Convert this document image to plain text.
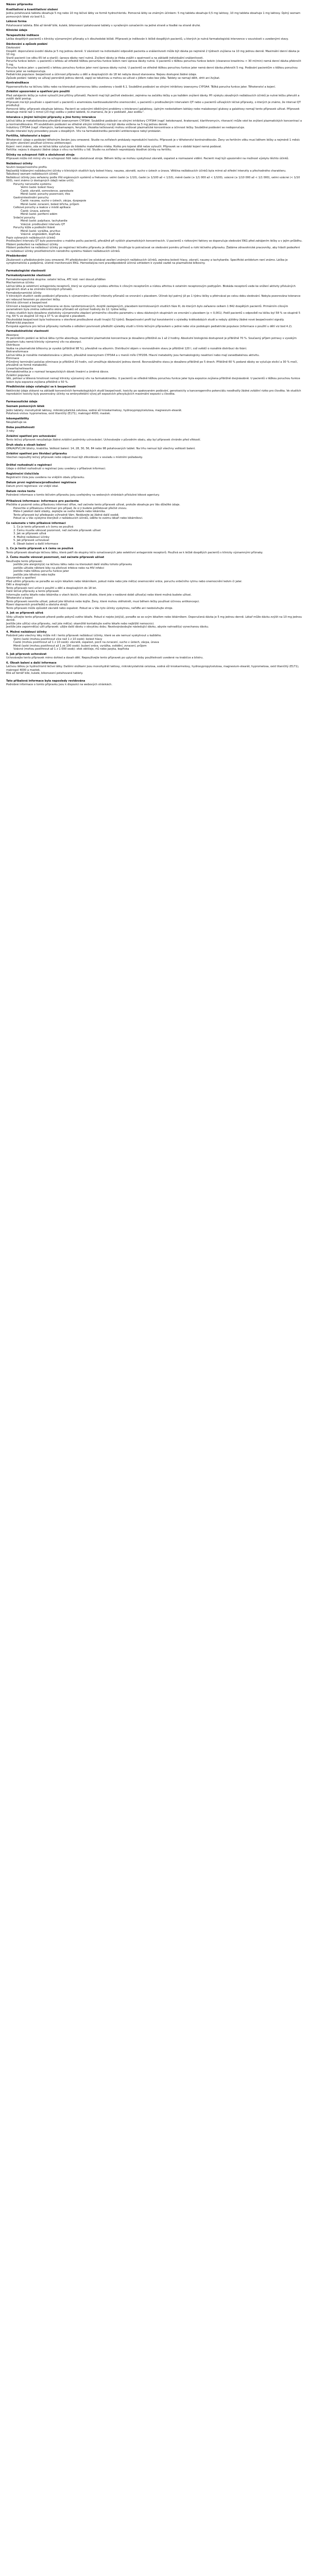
Název přípravku
Kvalitativní a kvantitativní složení
Jedna potahovaná tableta obsahuje 5 mg nebo 10 mg léčivé látky ve formě hydrochloridu. Pomocná látky se známým účinkem: 5 mg tableta obsahuje 0,5 mg laktosy, 10 mg tableta obsahuje 1 mg laktosy. Úplný seznam pomocných látek viz bod 6.1.
Léková forma
Potahovaná tableta. Bílé až téměř bílé, kulaté, bikonvexní potahované tablety s vyraženým označením na jedné straně a hladké na straně druhé.
Klinické údaje
Terapeutické indikace
Léčba dospělých pacientů s klinicky významnými příznaky a k dlouhodobé léčbě. Přípravek je indikován k léčbě dospělých pacientů, u kterých je nutná farmakologická intervence v souvislosti s uvedenými stavy.
Dávkování a způsob podání
Dávkování
Dospělí: doporučená úvodní dávka je 5 mg jednou denně. V závislosti na individuální odpovědi pacienta a snášenlivosti může být dávka po nejméně 2 týdnech zvýšena na 10 mg jednou denně. Maximální denní dávka je 10 mg.
Starší pacienti (ve věku 65 let a starší): úprava dávky není nutná. Zvýšení dávky je třeba zvážit s opatrností a na základě individuální snášenlivosti.
Porucha funkce ledvin: u pacientů s lehkou až středně těžkou poruchou funkce ledvin není úprava dávky nutná. U pacientů s těžkou poruchou funkce ledvin (clearance kreatininu < 30 ml/min) nemá denní dávka překročit 5 mg.
Porucha funkce jater: u pacientů s lehkou poruchou funkce jater není úprava dávky nutná. U pacientů se středně těžkou poruchou funkce jater nemá denní dávka překročit 5 mg. Podávání pacientům s těžkou poruchou funkce jater se nedoporučuje.
Pediatrická populace: bezpečnost a účinnost přípravku u dětí a dospívajících do 18 let nebyla dosud stanovena. Nejsou dostupné žádné údaje.
Způsob podání: tablety se užívají perorálně jednou denně, zapijí se tekutinou a mohou se užívat s jídlem nebo bez jídla. Tablety se nemají dělit, drtit ani žvýkat.
Kontraindikace
Hypersenzitivita na léčivou látku nebo na kteroukoli pomocnou látku uvedenou v bodě 6.1. Souběžné podávání se silnými inhibitory izoenzymu CYP3A4. Těžká porucha funkce jater. Těhotenství a kojení.
Zvláštní upozornění a opatření pro použití
Před zahájením léčby je nutné vyloučit jiné příčiny příznaků. Pacienti mají být pečlivě sledováni, zejména na začátku léčby a po každém zvýšení dávky. Při výskytu závažných nežádoucích účinků je nutné léčbu přerušit a zvážit další postup.
Přípravek má být používán s opatrností u pacientů s anamnézou kardiovaskulárního onemocnění, u pacientů s prodlouženým intervalem QT nebo u pacientů užívajících léčivé přípravky, o kterých je známo, že interval QT prodlužují.
Pomocné látky: přípravek obsahuje laktosu. Pacienti se vzácnými dědičnými problémy s intolerancí galaktosy, úplným nedostatkem laktázy nebo malabsorpcí glukosy a galaktosy nemají tento přípravek užívat. Přípravek obsahuje méně než 1 mmol (23 mg) sodíku v jedné tabletě, to znamená, že je v podstatě „bez sodíku“.
Interakce s jinými léčivými přípravky a jiné formy interakce
Léčivá látka je metabolizována převážně izoenzymem CYP3A4. Souběžné podávání se silnými inhibitory CYP3A4 (např. ketokonazol, itrakonazol, klarithromycin, ritonavir) může vést ke zvýšení plazmatických koncentrací a je kontraindikováno. Při souběžném podávání se středně silnými inhibitory má být dávka snížena na 5 mg jednou denně.
Induktory CYP3A4 (např. rifampicin, karbamazepin, fenytoin, třezalka tečkovaná) mohou snižovat plazmatické koncentrace a účinnost léčby. Souběžné podávání se nedoporučuje.
Studie interakcí byly provedeny pouze u dospělých. Vliv na farmakokinetiku perorální antikoncepce nebyl prokázán.
Fertilita, těhotenství a kojení
Těhotenství: údaje o podávání těhotným ženám jsou omezené. Studie na zvířatech prokázaly reprodukční toxicitu. Přípravek je v těhotenství kontraindikován. Ženy ve fertilním věku musí během léčby a nejméně 1 měsíc po jejím ukončení používat účinnou antikoncepci.
Kojení: není známo, zda se léčivá látka vylučuje do lidského mateřského mléka. Riziko pro kojené dítě nelze vyloučit. Přípravek se v období kojení nemá podávat.
Fertilita: nejsou k dispozici žádné údaje o vlivu na fertilitu u lidí. Studie na zvířatech neprokázaly škodlivé účinky na fertilitu.
Účinky na schopnost řídit a obsluhovat stroje
Přípravek může mít mírný vliv na schopnost řídit nebo obsluhovat stroje. Během léčby se mohou vyskytnout závratě, ospalost a rozmazané vidění. Pacienti mají být upozorněni na možnost výskytu těchto účinků.
Nežádoucí účinky
Souhrn bezpečnostního profilu
Nejčastěji hlášenými nežádoucími účinky v klinických studiích byly bolest hlavy, nauzea, závratě, sucho v ústech a únava. Většina nežádoucích účinků byla mírné až střední intenzity a přechodného charakteru.
Tabulkový seznam nežádoucích účinků
Nežádoucí účinky jsou seřazeny podle tříd orgánových systémů a frekvence: velmi časté (≥ 1/10), časté (≥ 1/100 až < 1/10), méně časté (≥ 1/1 000 až < 1/100), vzácné (≥ 1/10 000 až < 1/1 000), velmi vzácné (< 1/10 000), není známo (z dostupných údajů nelze určit).
Poruchy nervového systému
Velmi časté: bolest hlavy
Časté: závratě, somnolence, parestezie
Méně časté: poruchy pozornosti, třes
Gastrointestinální poruchy
Časté: nauzea, sucho v ústech, zácpa, dyspepsie
Méně časté: zvracení, bolest břicha, průjem
Celkové poruchy a reakce v místě aplikace
Časté: únava, astenie
Méně časté: periferní edém
Srdeční poruchy
Méně časté: palpitace, tachykardie
Vzácné: prodloužení intervalu QT
Poruchy kůže a podkožní tkáně
Méně časté: vyrážka, pruritus
Vzácné: angioedém, kopřivka
Popis vybraných nežádoucích účinků
Prodloužení intervalu QT bylo pozorováno u malého počtu pacientů, převážně při vyšších plazmatických koncentracích. U pacientů s rizikovými faktory se doporučuje sledování EKG před zahájením léčby a v jejím průběhu.
Hlášení podezření na nežádoucí účinky
Hlášení podezření na nežádoucí účinky po registraci léčivého přípravku je důležité. Umožňuje to pokračovat ve sledování poměru přínosů a rizik léčivého přípravku. Žádáme zdravotnické pracovníky, aby hlásili podezření na nežádoucí účinky prostřednictvím národního systému hlášení nežádoucích účinků.
Předávkování
Zkušenosti s předávkováním jsou omezené. Při předávkování lze očekávat zesílení známých nežádoucích účinků, zejména bolesti hlavy, závratí, nauzey a tachykardie. Specifické antidotum není známo. Léčba je symptomatická a podpůrná, včetně monitorování EKG. Hemodialýza není pravděpodobně účinná vzhledem k vysoké vazbě na plazmatické bílkoviny.
Farmakologické vlastnosti
Farmakodynamické vlastnosti
Farmakoterapeutická skupina: ostatní léčiva, ATC kód: není dosud přidělen
Mechanismus účinku
Léčivá látka je selektivní antagonista receptorů, který se vyznačuje vysokou afinitou k cílovým receptorům a nízkou afinitou k ostatním receptorovým podtypům. Blokáda receptorů vede ke snížení aktivity příslušných signálních drah a ke zmírnění klinických příznaků.
Farmakodynamické účinky
V klinických studiích vedlo podávání přípravku k významnému snížení intenzity příznaků ve srovnání s placebem. Účinek byl patrný již po 1 týdnu léčby a přetrvával po celou dobu sledování. Nebyla pozorována tolerance ani rebound fenomén po ukončení léčby.
Klinická účinnost a bezpečnost
Účinnost a bezpečnost byla hodnocena ve dvou randomizovaných, dvojitě zaslepených, placebem kontrolovaných studiích fáze III, do kterých bylo zařazeno celkem 1 842 dospělých pacientů. Primárním cílovým parametrem byla změna celkového skóre příznaků od výchozí hodnoty do 12. týdne léčby.
V obou studiích bylo dosaženo statisticky významného zlepšení primárního cílového parametru v obou dávkových skupinách ve srovnání s placebem (p < 0,001). Podíl pacientů s odpovědí na léčbu byl 58 % ve skupině 5 mg, 64 % ve skupině 10 mg a 37 % ve skupině s placebem.
Dlouhodobá bezpečnost byla hodnocena v otevřené prodloužené studii trvající 52 týdnů. Bezpečnostní profil byl konzistentní s výsledky krátkodobých studií a nebyly zjištěny žádné nové bezpečnostní signály.
Pediatrická populace
Evropská agentura pro léčivé přípravky rozhodla o odložení povinnosti předložit výsledky studií s tímto léčivým přípravkem u jedné nebo více podskupin pediatrické populace (informace o použití u dětí viz bod 4.2).
Farmakokinetické vlastnosti
Absorpce
Po perorálním podání se léčivá látka rychle absorbuje, maximální plazmatické koncentrace je dosaženo přibližně za 1 až 2 hodiny. Absolutní biologická dostupnost je přibližně 70 %. Současný příjem potravy s vysokým obsahem tuku nemá klinicky významný vliv na absorpci.
Distribuce
Vazba na plazmatické bílkoviny je vysoká (přibližně 98 %), převážně na albumin. Distribuční objem v rovnovážném stavu je přibližně 120 l, což svědčí o rozsáhlé distribuci do tkání.
Biotransformace
Léčivá látka je rozsáhle metabolizována v játrech, převážně izoenzymem CYP3A4 a v menší míře CYP2D6. Hlavní metabolity jsou farmakologicky neaktivní nebo mají zanedbatelnou aktivitu.
Eliminace
Průměrný terminální poločas eliminace je přibližně 20 hodin, což umožňuje dávkování jednou denně. Rovnovážného stavu je dosaženo přibližně po 5 dnech. Přibližně 60 % podané dávky se vylučuje stolicí a 30 % močí, převážně ve formě metabolitů.
Linearita/nelinearita
Farmakokinetika je v rozmezí terapeutických dávek lineární a úměrná dávce.
Zvláštní populace
Věk, pohlaví a tělesná hmotnost nemají klinicky významný vliv na farmakokinetiku. U pacientů se středně těžkou poruchou funkce jater byla expozice zvýšena přibližně dvojnásobně. U pacientů s těžkou poruchou funkce ledvin byla expozice zvýšena přibližně o 50 %.
Předklinické údaje vztahující se k bezpečnosti
Neklinické údaje získané na základě konvenčních farmakologických studií bezpečnosti, toxicity po opakovaném podávání, genotoxicity a kancerogenního potenciálu neodhalily žádné zvláštní riziko pro člověka. Ve studiích reprodukční toxicity byly pozorovány účinky na embryofetální vývoj při expozicích převyšujících maximální expozici u člověka.
Farmaceutické údaje
Seznam pomocných látek
Jádro tablety: monohydrát laktosy, mikrokrystalická celulosa, sodná sůl kroskarmelosy, hydroxypropylcelulosa, magnesium-stearát.
Potahová vrstva: hypromelosa, oxid titaničitý (E171), makrogol 4000, mastek.
Inkompatibility
Neuplatňuje se.
Doba použitelnosti
3 roky
Zvláštní opatření pro uchovávání
Tento léčivý přípravek nevyžaduje žádné zvláštní podmínky uchovávání. Uchovávejte v původním obalu, aby byl přípravek chráněn před vlhkostí.
Druh obalu a obsah balení
OPA/Al/PVC//Al blistry, krabička. Velikost balení: 14, 28, 30, 56, 84 nebo 98 potahovaných tablet. Na trhu nemusí být všechny velikosti balení.
Zvláštní opatření pro likvidaci přípravku
Všechen nepoužitý léčivý přípravek nebo odpad musí být zlikvidován v souladu s místními požadavky.
Držitel rozhodnutí o registraci
Údaje o držiteli rozhodnutí o registraci jsou uvedeny v příbalové informaci.
Registrační číslo/čísla
Registrační čísla jsou uvedena na vnějším obalu přípravku.
Datum první registrace/prodloužení registrace
Datum první registrace: viz vnější obal.
Datum revize textu
Podrobné informace o tomto léčivém přípravku jsou uveřejněny na webových stránkách příslušné lékové agentury.
Příbalová informace: informace pro pacienta
Přečtěte si pozorně celou příbalovou informaci dříve, než začnete tento přípravek užívat, protože obsahuje pro Vás důležité údaje.
Ponechte si příbalovou informaci pro případ, že si ji budete potřebovat přečíst znovu.
Máte-li jakékoli další otázky, zeptejte se svého lékaře nebo lékárníka.
Tento přípravek byl předepsán výhradně Vám. Nedávejte jej žádné další osobě.
Pokud se u Vás vyskytne kterýkoli z nežádoucích účinků, sdělte to svému lékaři nebo lékárníkovi.
Co naleznete v této příbalové informaci
1. Co je tento přípravek a k čemu se používá
2. Čemu musíte věnovat pozornost, než začnete přípravek užívat
3. Jak se přípravek užívá
4. Možné nežádoucí účinky
5. Jak přípravek uchovávat
6. Obsah balení a další informace
1. Co je tento přípravek a k čemu se používá
Tento přípravek obsahuje léčivou látku, která patří do skupiny léčiv označovaných jako selektivní antagonisté receptorů. Používá se k léčbě dospělých pacientů s klinicky významnými příznaky.
2. Čemu musíte věnovat pozornost, než začnete přípravek užívat
Neužívejte tento přípravek:
jestliže jste alergický(á) na léčivou látku nebo na kteroukoli další složku tohoto přípravku
jestliže užíváte některé léky na plísňové infekce nebo na HIV infekci
jestliže máte těžkou poruchu funkce jater
jestliže jste těhotná nebo kojíte
Upozornění a opatření
Před užitím přípravku se poraďte se svým lékařem nebo lékárníkem, pokud máte nebo jste měl(a) onemocnění srdce, poruchu srdečního rytmu nebo onemocnění ledvin či jater.
Děti a dospívající
Tento přípravek není určen k použití u dětí a dospívajících do 18 let.
Další léčivé přípravky a tento přípravek
Informujte svého lékaře nebo lékárníka o všech lécích, které užíváte, které jste v nedávné době užíval(a) nebo které možná budete užívat.
Těhotenství a kojení
Tento přípravek nesmíte užívat, pokud jste těhotná nebo kojíte. Ženy, které mohou otěhotnět, musí během léčby používat účinnou antikoncepci.
Řízení dopravních prostředků a obsluha strojů
Tento přípravek může způsobit závratě nebo ospalost. Pokud se u Vás tyto účinky vyskytnou, neřiďte ani neobsluhujte stroje.
3. Jak se přípravek užívá
Vždy užívejte tento přípravek přesně podle pokynů svého lékaře. Pokud si nejste jistý(á), poraďte se se svým lékařem nebo lékárníkem. Doporučená dávka je 5 mg jednou denně. Lékař může dávku zvýšit na 10 mg jednou denně.
Jestliže jste užil(a) více přípravku, než jste měl(a): okamžitě kontaktujte svého lékaře nebo nejbližší nemocnici.
Jestliže jste zapomněl(a) užít přípravek: užijte další dávku v obvyklou dobu. Nezdvojnásobujte následující dávku, abyste nahradil(a) vynechanou dávku.
4. Možné nežádoucí účinky
Podobně jako všechny léky může mít i tento přípravek nežádoucí účinky, které se ale nemusí vyskytnout u každého.
Velmi časté (mohou postihnout více než 1 z 10 osob): bolest hlavy
Časté (mohou postihnout až 1 z 10 osob): závratě, ospalost, pocit na zvracení, sucho v ústech, zácpa, únava
Méně časté (mohou postihnout až 1 ze 100 osob): bušení srdce, vyrážka, svědění, zvracení, průjem
Vzácné (mohou postihnout až 1 z 1 000 osob): otok obličeje, rtů nebo jazyka, kopřivka
5. Jak přípravek uchovávat
Uchovávejte tento přípravek mimo dohled a dosah dětí. Nepoužívejte tento přípravek po uplynutí doby použitelnosti uvedené na krabičce a blistru.
6. Obsah balení a další informace
Léčivou látkou je hydrochlorid léčivé látky. Dalšími složkami jsou monohydrát laktosy, mikrokrystalická celulosa, sodná sůl kroskarmelosy, hydroxypropylcelulosa, magnesium-stearát, hypromelosa, oxid titaničitý (E171), makrogol 4000 a mastek.
Bílé až téměř bílé, kulaté, bikonvexní potahované tablety.
Tato příbalová informace byla naposledy revidována
Podrobné informace o tomto přípravku jsou k dispozici na webových stránkách.
